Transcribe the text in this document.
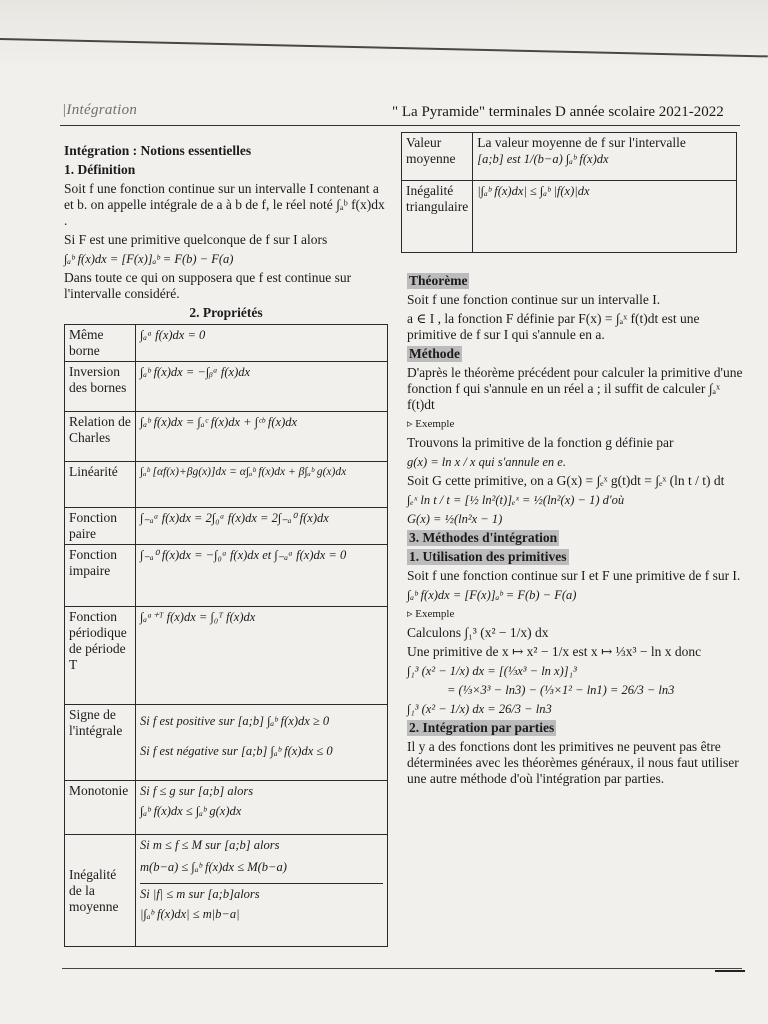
|Intégration	" La Pyramide" terminales D année scolaire 2021-2022

Intégration : Notions essentielles

1. Définition

Soit f une fonction continue sur un intervalle I contenant a et b. on appelle intégrale de a à b de f, le réel noté ∫ₐᵇ f(x)dx .

Si F est une primitive quelconque de f sur I alors

∫ₐᵇ f(x)dx = [F(x)]ₐᵇ = F(b) − F(a)

Dans toute ce qui on supposera que f est continue sur l'intervalle considéré.

2. Propriétés

Même borne	∫ₐᵃ f(x)dx = 0
Inversion des bornes	∫ₐᵇ f(x)dx = −∫ᵦᵃ f(x)dx
Relation de Charles	∫ₐᵇ f(x)dx = ∫ₐᶜ f(x)dx + ∫ᶜᵇ f(x)dx
Linéarité	∫ₐᵇ [αf(x)+βg(x)]dx = α∫ₐᵇ f(x)dx + β∫ₐᵇ g(x)dx
Fonction paire	∫₋ₐᵃ f(x)dx = 2∫₀ᵃ f(x)dx = 2∫₋ₐ⁰ f(x)dx
Fonction impaire	∫₋ₐ⁰ f(x)dx = −∫₀ᵃ f(x)dx et ∫₋ₐᵃ f(x)dx = 0
Fonction périodique de période T	∫ₐᵃ⁺ᵀ f(x)dx = ∫₀ᵀ f(x)dx
Signe de l'intégrale	Si f est positive sur [a;b] ∫ₐᵇ f(x)dx ≥ 0
Si f est négative sur [a;b] ∫ₐᵇ f(x)dx ≤ 0

Monotonie	Si f ≤ g sur [a;b] alors
∫ₐᵇ f(x)dx ≤ ∫ₐᵇ g(x)dx

Inégalité de la moyenne	Si m ≤ f ≤ M sur [a;b] alors
m(b−a) ≤ ∫ₐᵇ f(x)dx ≤ M(b−a)
Si |f| ≤ m sur [a;b]alors
|∫ₐᵇ f(x)dx| ≤ m|b−a|
Valeur moyenne	La valeur moyenne de f sur l'intervalle
[a;b] est 1/(b−a) ∫ₐᵇ f(x)dx

Inégalité triangulaire	|∫ₐᵇ f(x)dx| ≤ ∫ₐᵇ |f(x)|dx

Théorème

Soit f une fonction continue sur un intervalle I.

a ∈ I , la fonction F définie par F(x) = ∫ₐˣ f(t)dt est une primitive de f sur I qui s'annule en a.

Méthode

D'après le théorème précédent pour calculer la primitive d'une fonction f qui s'annule en un réel a ; il suffit de calculer ∫ₐˣ f(t)dt

▹ Exemple

Trouvons la primitive de la fonction g définie par

g(x) = ln x / x qui s'annule en e.

Soit G cette primitive, on a G(x) = ∫ₑˣ g(t)dt = ∫ₑˣ (ln t / t) dt

∫ₑˣ ln t / t = [½ ln²(t)]ₑˣ = ½(ln²(x) − 1) d'où

G(x) = ½(ln²x − 1)

3. Méthodes d'intégration

1. Utilisation des primitives

Soit f une fonction continue sur I et F une primitive de f sur I.

∫ₐᵇ f(x)dx = [F(x)]ₐᵇ = F(b) − F(a)

▹ Exemple

Calculons ∫₁³ (x² − 1/x) dx

Une primitive de x ↦ x² − 1/x est x ↦ ⅓x³ − ln x donc

∫₁³ (x² − 1/x) dx = [(⅓x³ − ln x)]₁³

= (⅓×3³ − ln3) − (⅓×1² − ln1) = 26/3 − ln3

∫₁³ (x² − 1/x) dx = 26/3 − ln3

2. Intégration par parties

Il y a des fonctions dont les primitives ne peuvent pas être déterminées avec les théorèmes généraux, il nous faut utiliser une autre méthode d'où l'intégration par parties.
